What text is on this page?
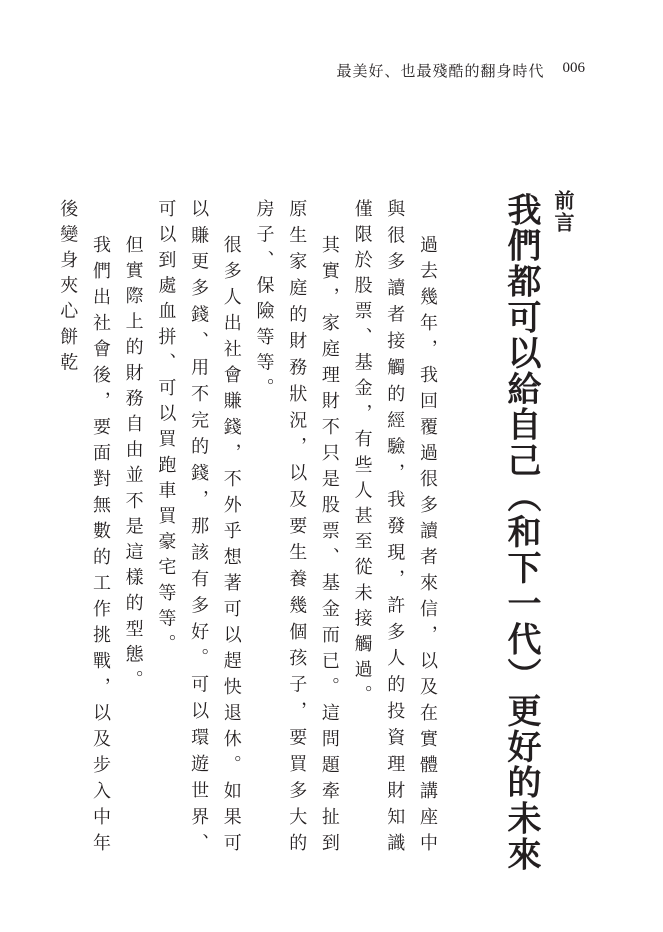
最美好、也最殘酷的翻身時代 006
前言
我們都可以給自己（和下一代）更好的未來

過去幾年，我回覆過很多讀者來信，以及在實體講座中與很多讀者接觸的經驗，我發現，許多人的投資理財知識僅限於股票、基金，有些人甚至從未接觸過。

其實，家庭理財不只是股票、基金而已。這問題牽扯到原生家庭的財務狀況，以及要生養幾個孩子，要買多大的房子、保險等等。

很多人出社會賺錢，不外乎想著可以趕快退休。如果可以賺更多錢、用不完的錢，那該有多好。可以環遊世界、可以到處血拼、可以買跑車買豪宅等等。

但實際上的財務自由並不是這樣的型態。

我們出社會後，要面對無數的工作挑戰，以及步入中年後變身夾心餅乾
